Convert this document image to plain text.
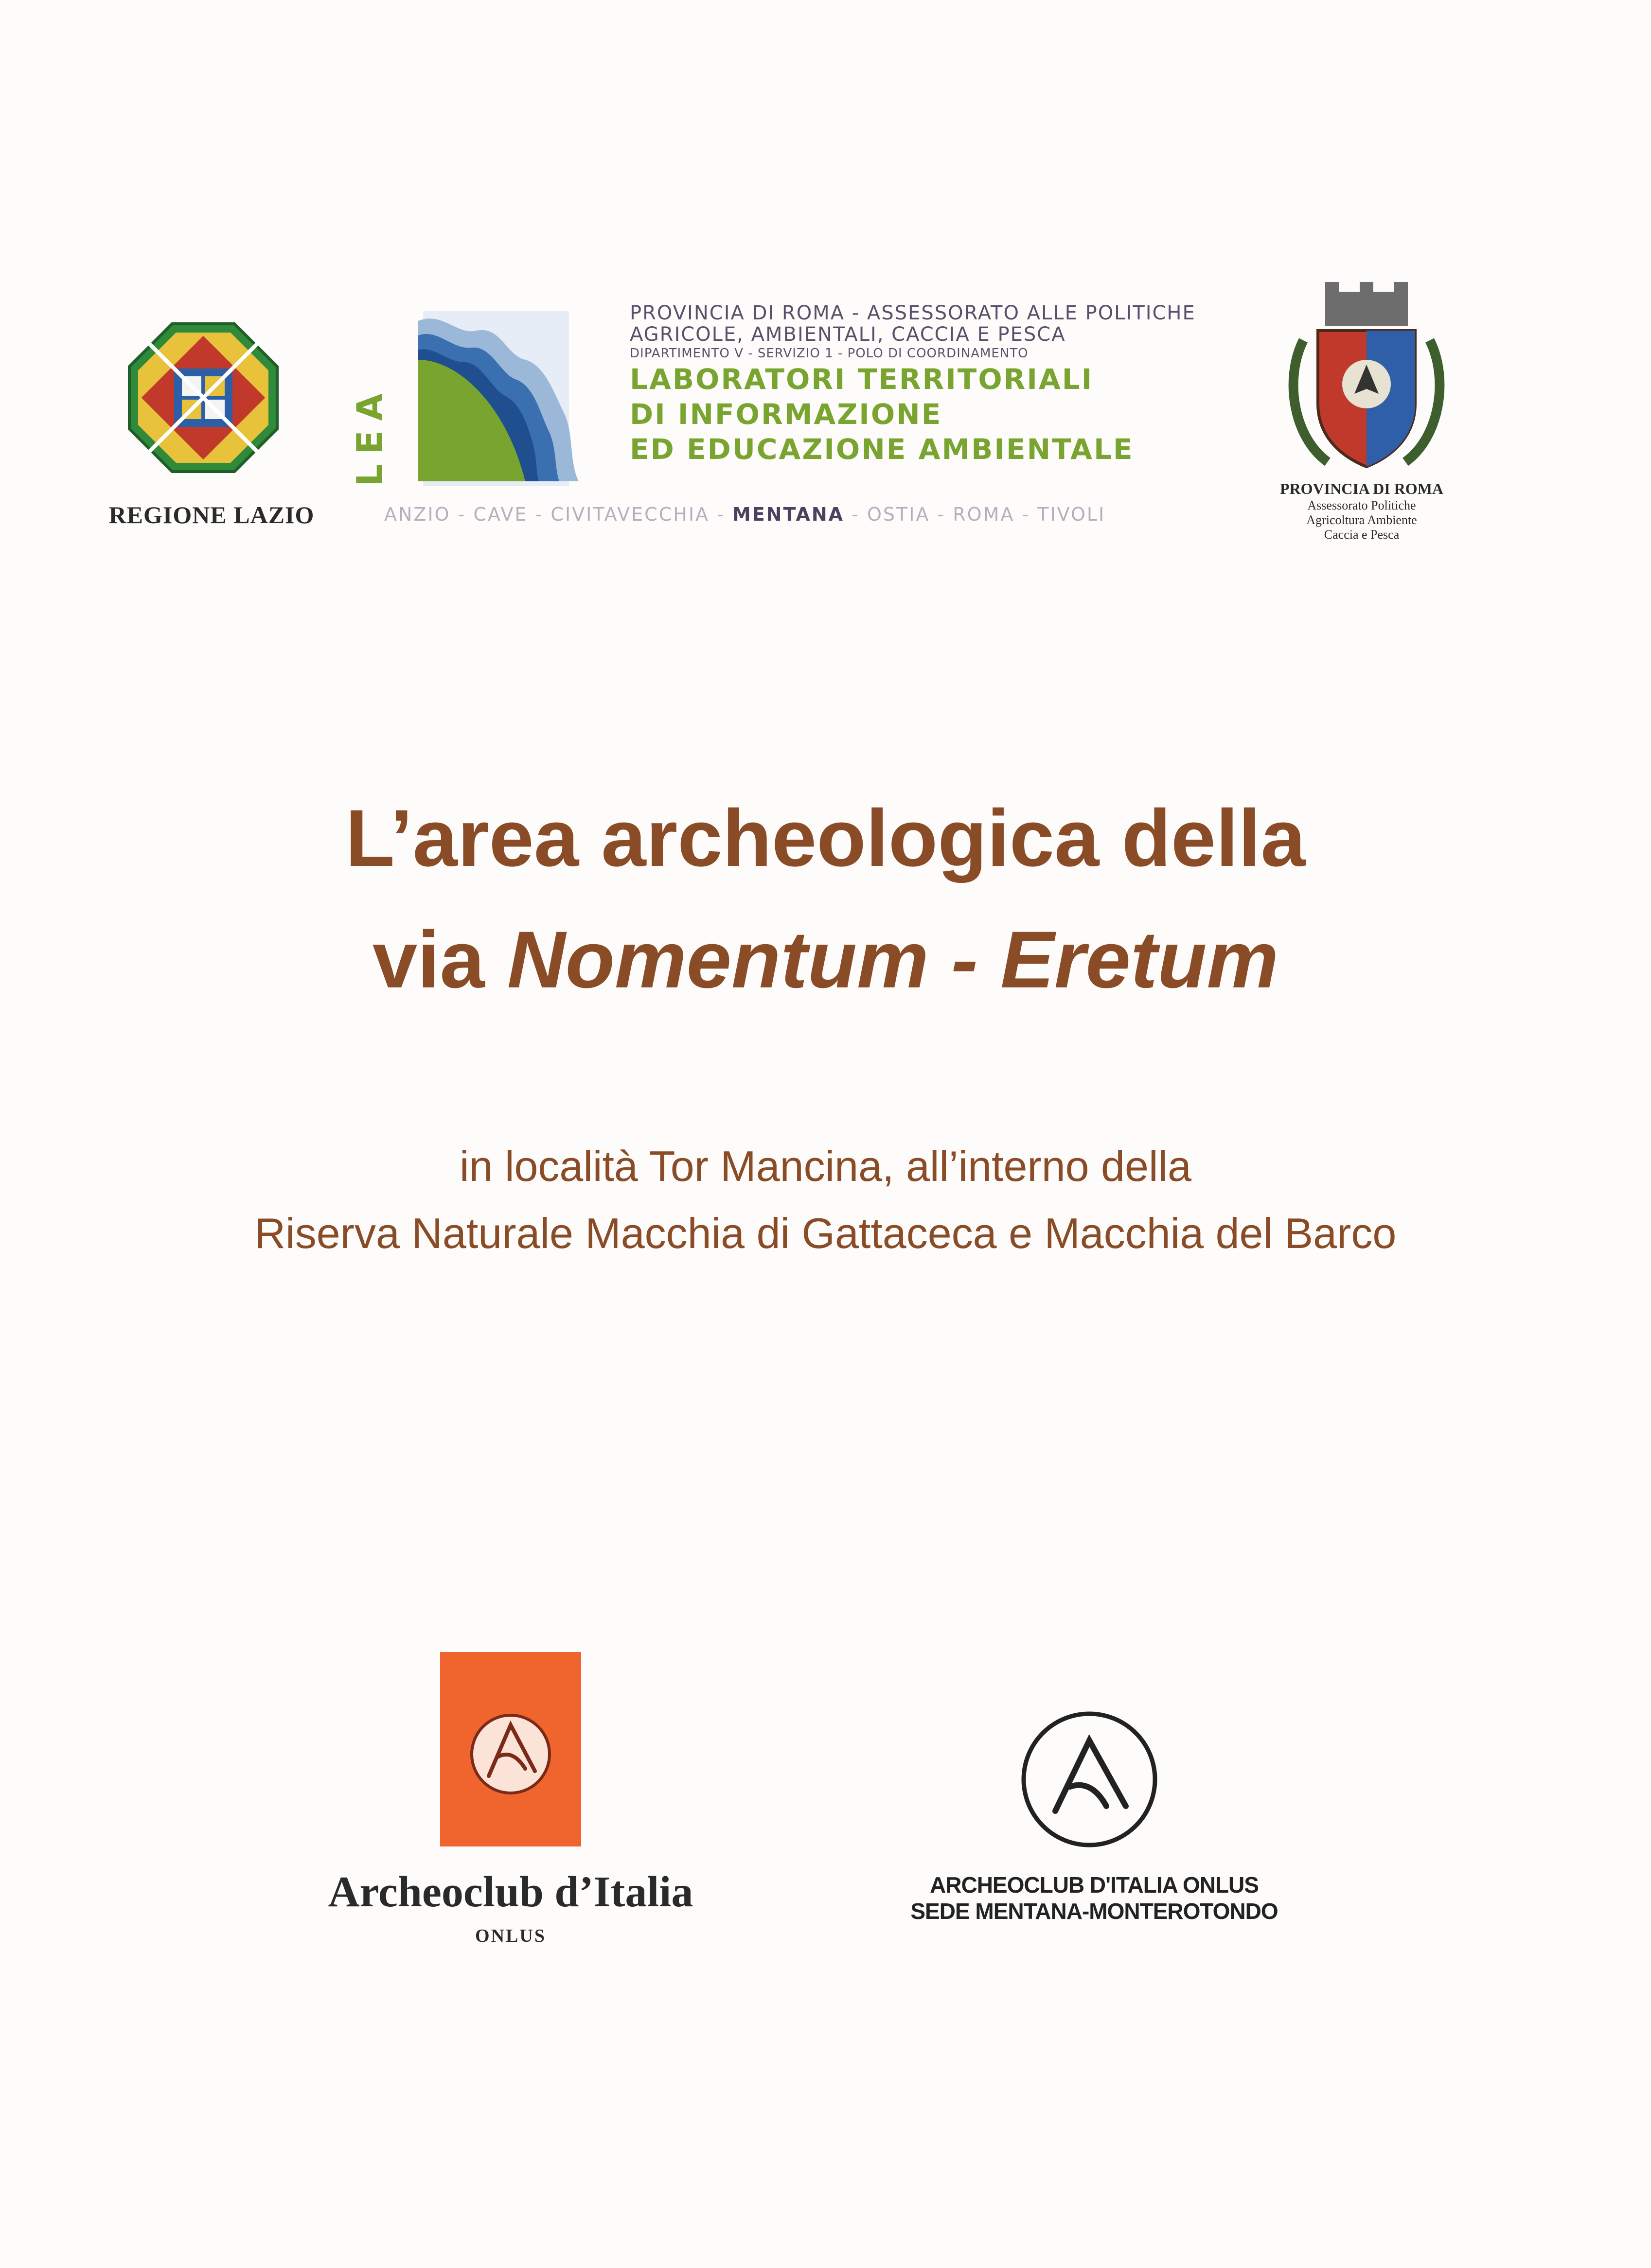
REGIONE LAZIO
LEA
PROVINCIA DI ROMA - ASSESSORATO ALLE POLITICHE
AGRICOLE, AMBIENTALI, CACCIA E PESCA
DIPARTIMENTO V - SERVIZIO 1 - POLO DI COORDINAMENTO
LABORATORI TERRITORIALI
DI INFORMAZIONE
ED EDUCAZIONE AMBIENTALE
ANZIO - CAVE - CIVITAVECCHIA - MENTANA - OSTIA - ROMA - TIVOLI
PROVINCIA DI ROMA
Assessorato Politiche
Agricoltura Ambiente
Caccia e Pesca
L’area archeologica della
via Nomentum - Eretum
in località Tor Mancina, all’interno della
Riserva Naturale Macchia di Gattaceca e Macchia del Barco
Archeoclub d’Italia
ONLUS
ARCHEOCLUB D'ITALIA ONLUS
SEDE MENTANA-MONTEROTONDO
